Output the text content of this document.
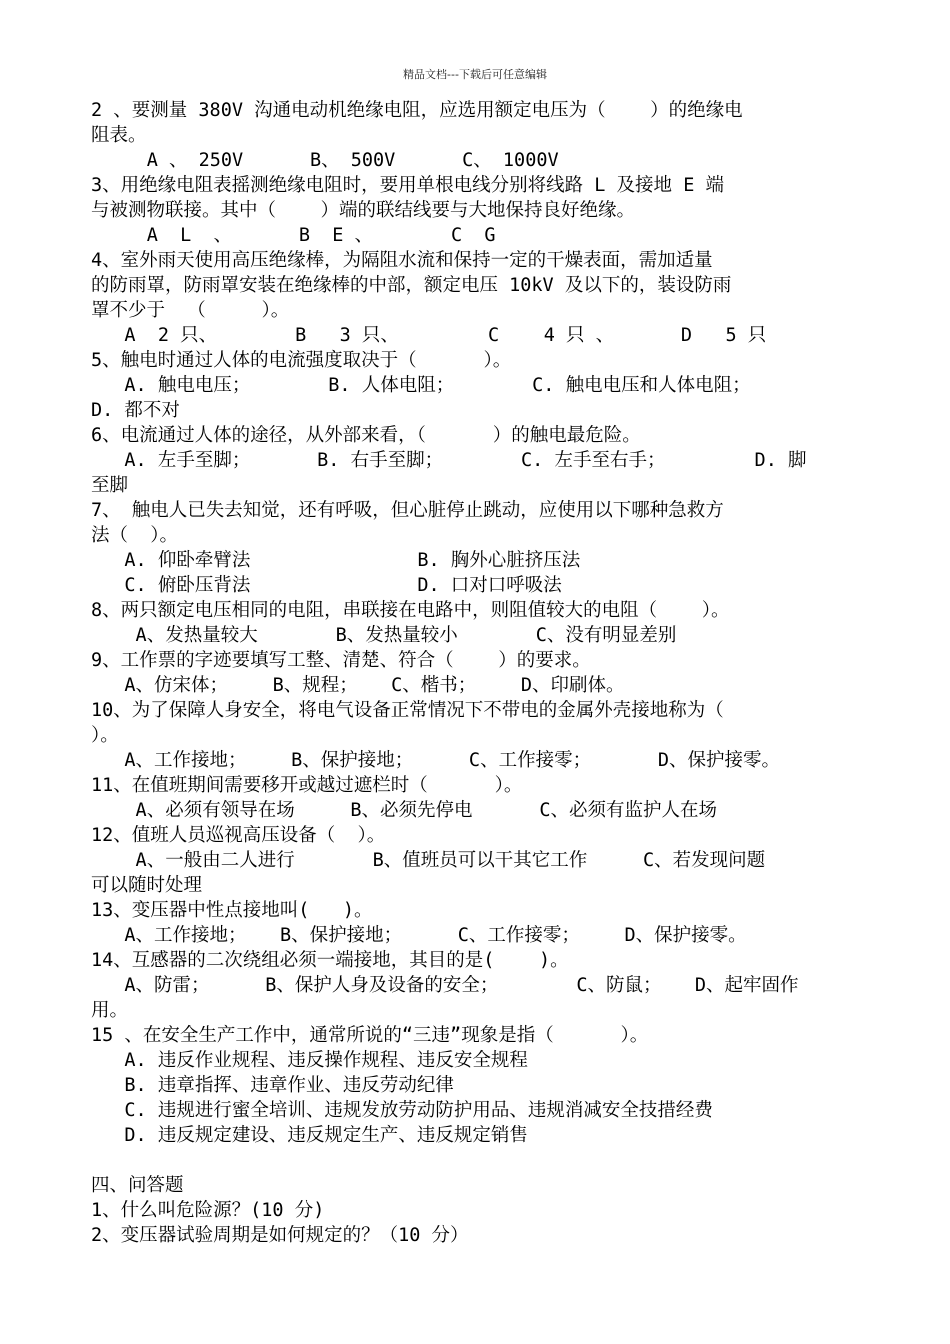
精品文档---下载后可任意编辑
2 、要测量 380V 沟通电动机绝缘电阻，应选用额定电压为（    ）的绝缘电
阻表。
A 、 250V      B、 500V      C、 1000V
3、用绝缘电阻表摇测绝缘电阻时，要用单根电线分别将线路 L 及接地 E 端
与被测物联接。其中（    ）端的联结线要与大地保持良好绝缘。
A  L  、      B  E 、       C  G
4、室外雨天使用高压绝缘棒，为隔阻水流和保持一定的干燥表面，需加适量
的防雨罩，防雨罩安装在绝缘棒的中部，额定电压 10kV 及以下的，装设防雨
罩不少于  （     ）。
A  2 只、       B   3 只、        C    4 只 、      D   5 只
5、触电时通过人体的电流强度取决于（      ）。
A. 触电电压；       B. 人体电阻；       C. 触电电压和人体电阻；
D. 都不对
6、电流通过人体的途径，从外部来看，（      ）的触电最危险。
A. 左手至脚；      B. 右手至脚；       C. 左手至右手；        D. 脚
至脚
7、 触电人已失去知觉，还有呼吸，但心脏停止跳动，应使用以下哪种急救方
法（  ）。
A. 仰卧牵臂法               B. 胸外心脏挤压法
C. 俯卧压背法               D. 口对口呼吸法
8、两只额定电压相同的电阻，串联接在电路中，则阻值较大的电阻（    ）。
A、发热量较大       B、发热量较小       C、没有明显差别
9、工作票的字迹要填写工整、清楚、符合（    ）的要求。
A、仿宋体；    B、规程；   C、楷书；    D、印刷体。
10、为了保障人身安全，将电气设备正常情况下不带电的金属外壳接地称为（
）。
A、工作接地；    B、保护接地；     C、工作接零；      D、保护接零。
11、在值班期间需要移开或越过遮栏时（      ）。
A、必须有领导在场     B、必须先停电      C、必须有监护人在场
12、值班人员巡视高压设备（  ）。
A、一般由二人进行       B、值班员可以干其它工作     C、若发现问题
可以随时处理
13、变压器中性点接地叫(   )。
A、工作接地；   B、保护接地；     C、工作接零；    D、保护接零。
14、互感器的二次绕组必须一端接地，其目的是(    )。
A、防雷；     B、保护人身及设备的安全；       C、防鼠；   D、起牢固作
用。
15 、在安全生产工作中，通常所说的“三违”现象是指（      ）。
A. 违反作业规程、违反操作规程、违反安全规程
B. 违章指挥、违章作业、违反劳动纪律
C. 违规进行蜜全培训、违规发放劳动防护用品、违规消减安全技措经费
D. 违反规定建设、违反规定生产、违反规定销售
四、问答题
1、什么叫危险源？(10 分)
2、变压器试验周期是如何规定的？（10 分）
